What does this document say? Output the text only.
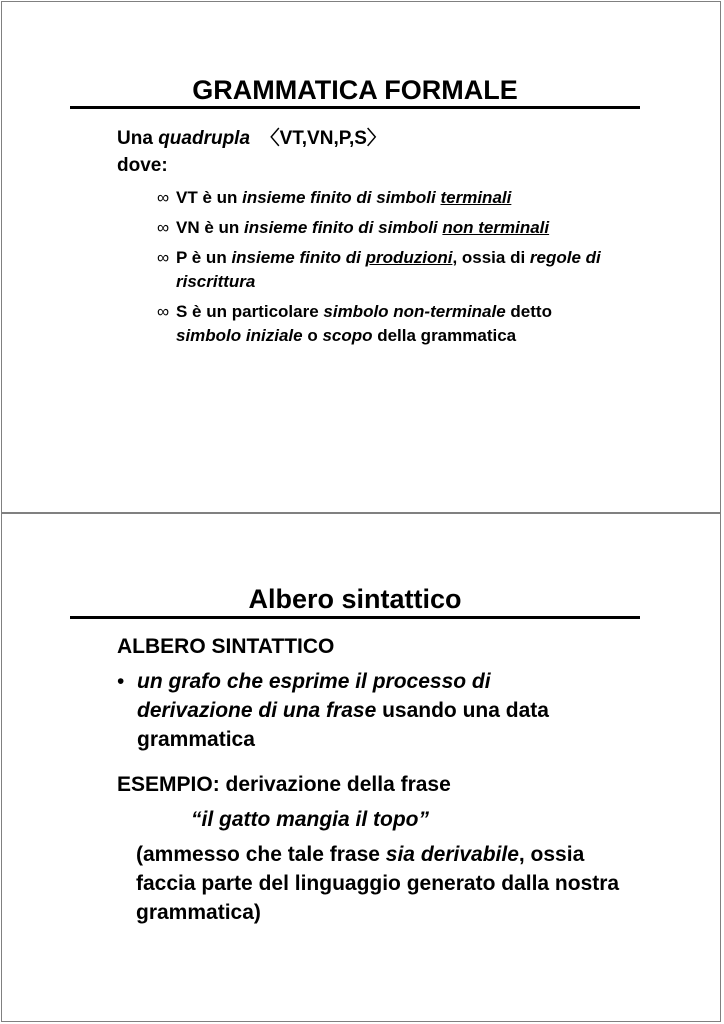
GRAMMATICA FORMALE
Una quadrupla 〈VT,VN,P,S〉
dove:
∞ VT è un insieme finito di simboli terminali
∞ VN è un insieme finito di simboli non terminali
∞ P è un insieme finito di produzioni, ossia di regole di riscrittura
∞ S è un particolare simbolo non-terminale detto simbolo iniziale o scopo della grammatica
Albero sintattico
ALBERO SINTATTICO
• un grafo che esprime il processo di derivazione di una frase usando una data grammatica
ESEMPIO: derivazione della frase
“il gatto mangia il topo”
(ammesso che tale frase sia derivabile, ossia faccia parte del linguaggio generato dalla nostra grammatica)
